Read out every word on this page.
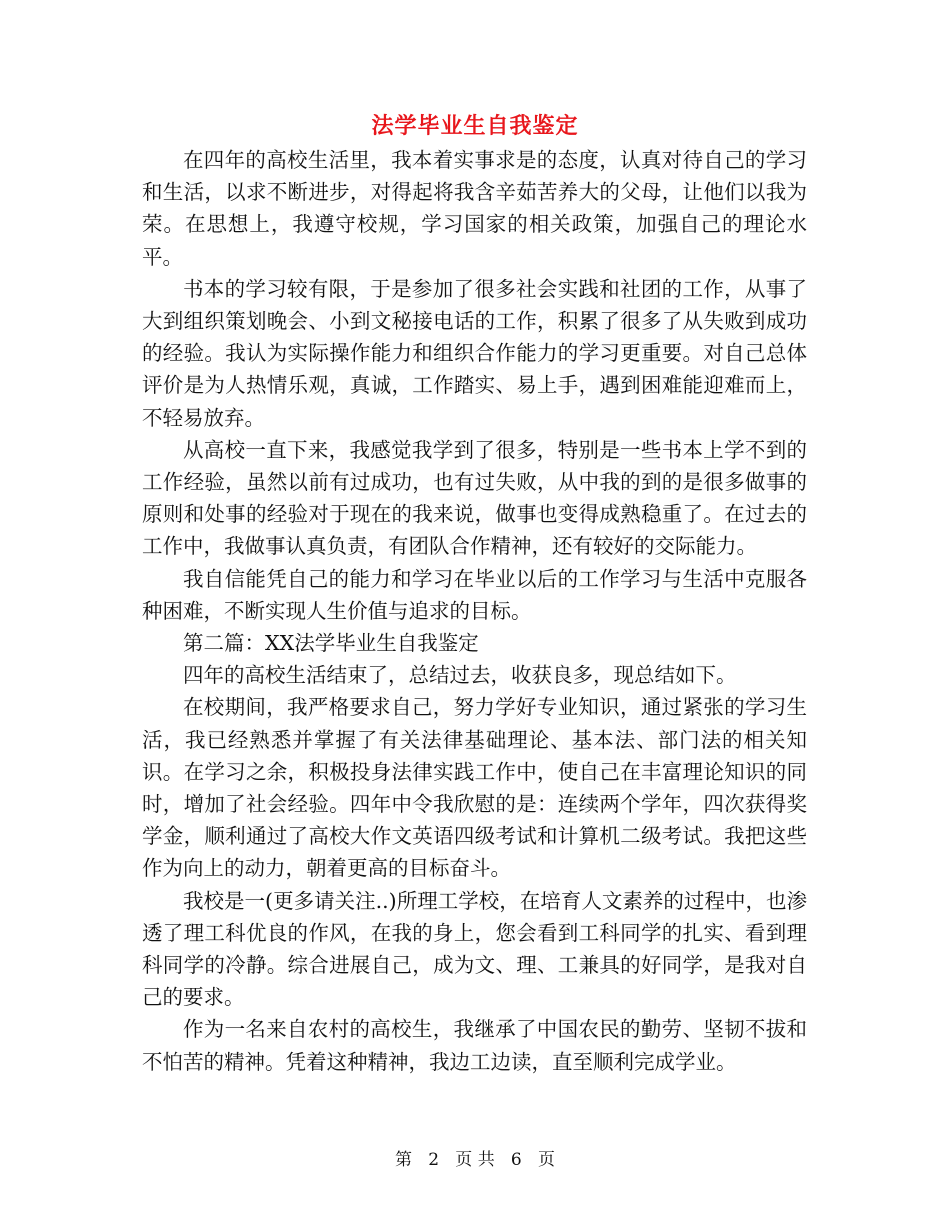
法学毕业生自我鉴定

在四年的高校生活里，我本着实事求是的态度，认真对待自己的学习和生活，以求不断进步，对得起将我含辛茹苦养大的父母，让他们以我为荣。在思想上，我遵守校规，学习国家的相关政策，加强自己的理论水平。

书本的学习较有限，于是参加了很多社会实践和社团的工作，从事了大到组织策划晚会、小到文秘接电话的工作，积累了很多了从失败到成功的经验。我认为实际操作能力和组织合作能力的学习更重要。对自己总体评价是为人热情乐观，真诚，工作踏实、易上手，遇到困难能迎难而上，不轻易放弃。

从高校一直下来，我感觉我学到了很多，特别是一些书本上学不到的工作经验，虽然以前有过成功，也有过失败，从中我的到的是很多做事的原则和处事的经验对于现在的我来说，做事也变得成熟稳重了。在过去的工作中，我做事认真负责，有团队合作精神，还有较好的交际能力。

我自信能凭自己的能力和学习在毕业以后的工作学习与生活中克服各种困难，不断实现人生价值与追求的目标。

第二篇：XX法学毕业生自我鉴定

四年的高校生活结束了，总结过去，收获良多，现总结如下。

在校期间，我严格要求自己，努力学好专业知识，通过紧张的学习生活，我已经熟悉并掌握了有关法律基础理论、基本法、部门法的相关知识。在学习之余，积极投身法律实践工作中，使自己在丰富理论知识的同时，增加了社会经验。四年中令我欣慰的是：连续两个学年，四次获得奖学金，顺利通过了高校大作文英语四级考试和计算机二级考试。我把这些作为向上的动力，朝着更高的目标奋斗。

我校是一(更多请关注..)所理工学校，在培育人文素养的过程中，也渗透了理工科优良的作风，在我的身上，您会看到工科同学的扎实、看到理科同学的冷静。综合进展自己，成为文、理、工兼具的好同学，是我对自己的要求。

作为一名来自农村的高校生，我继承了中国农民的勤劳、坚韧不拔和不怕苦的精神。凭着这种精神，我边工边读，直至顺利完成学业。

第 2 页 共 6 页
